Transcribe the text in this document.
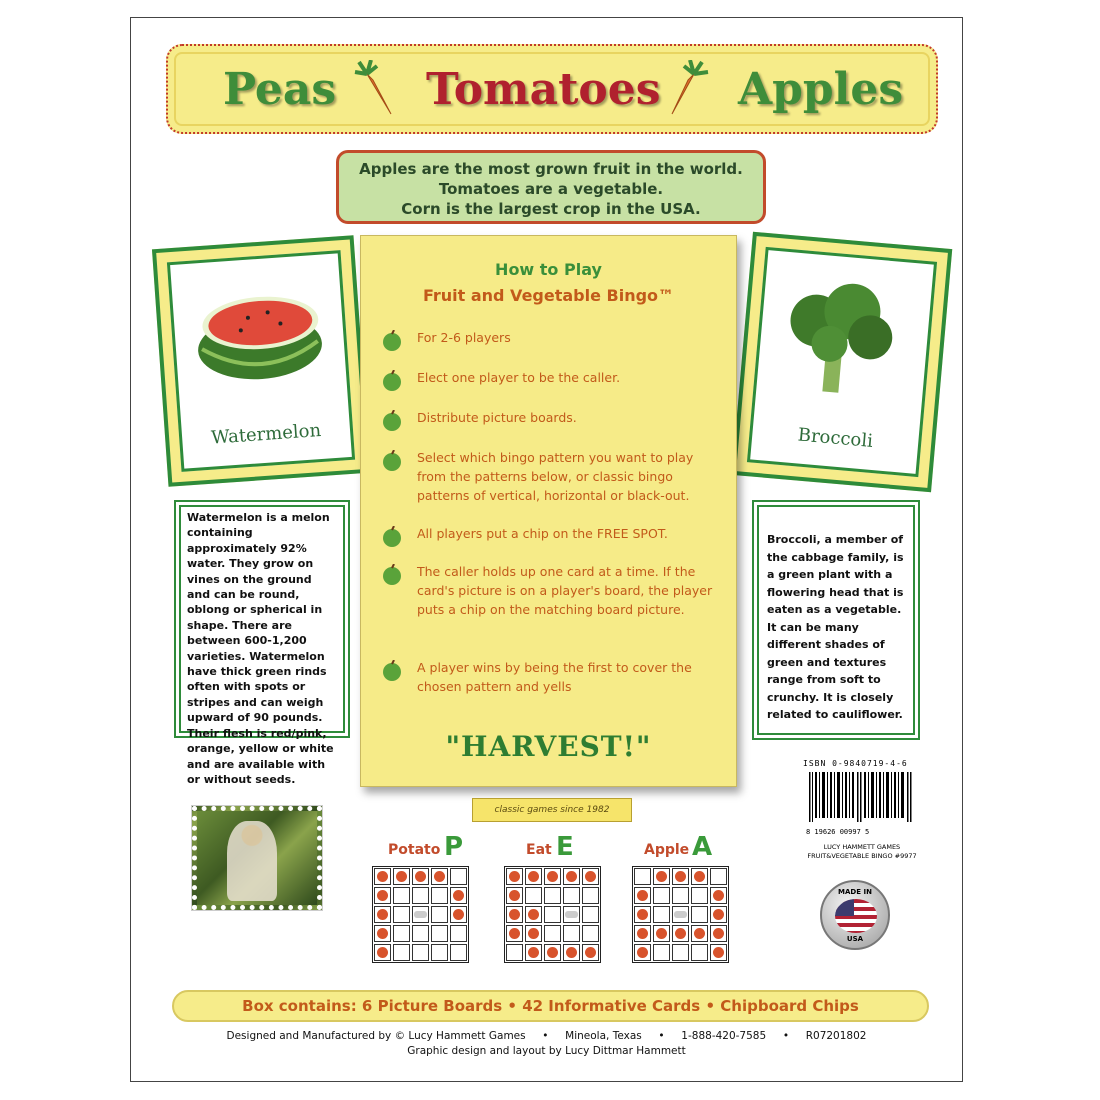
Peas Tomatoes Apples
Apples are the most grown fruit in the world.
Tomatoes are a vegetable.
Corn is the largest crop in the USA.
Watermelon	Broccoli
How to Play
Fruit and Vegetable Bingo™
For 2-6 players
Elect one player to be the caller.
Distribute picture boards.
Select which bingo pattern you want to play from the patterns below, or classic bingo patterns of vertical, horizontal or black-out.
All players put a chip on the FREE SPOT.
The caller holds up one card at a time. If the card's picture is on a player's board, the player puts a chip on the matching board picture.
A player wins by being the first to cover the chosen pattern and yells
"HARVEST!"
Watermelon is a melon containing approximately 92% water. They grow on vines on the ground and can be round, oblong or spherical in shape. There are between 600-1,200 varieties. Watermelon have thick green rinds often with spots or stripes and can weigh upward of 90 pounds. Their flesh is red/pink, orange, yellow or white and are available with or without seeds.
Broccoli, a member of the cabbage family, is a green plant with a flowering head that is eaten as a vegetable. It can be many different shades of green and textures range from soft to crunchy. It is closely related to cauliflower.
ISBN 0-9840719-4-6
8 19626 00997 5
LUCY HAMMETT GAMES
FRUIT&VEGETABLE BINGO #9977
MADE IN
USA
classic games since 1982
Potato P	Eat E	Apple A
Box contains: 6 Picture Boards • 42 Informative Cards • Chipboard Chips
Designed and Manufactured by © Lucy Hammett Games     •     Mineola, Texas     •     1-888-420-7585     •     R07201802
Graphic design and layout by Lucy Dittmar Hammett
